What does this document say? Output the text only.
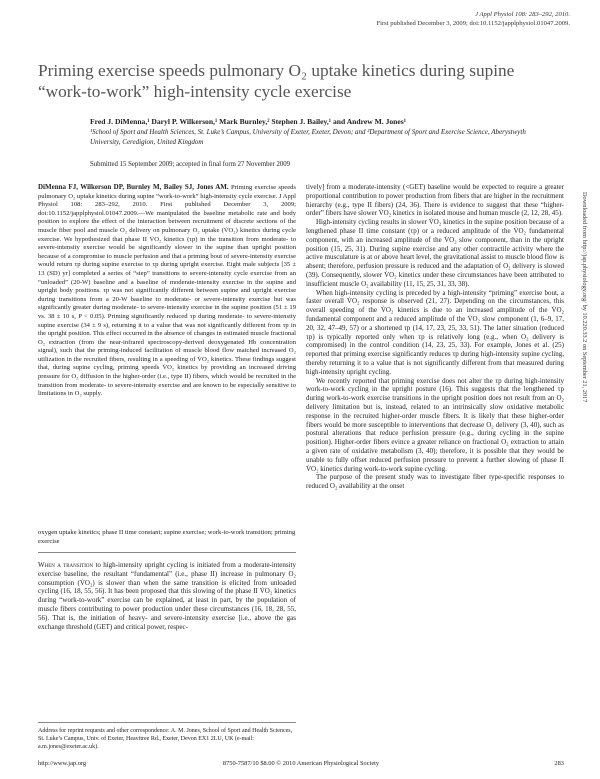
J Appl Physiol 108: 283–292, 2010.
First published December 3, 2009; doi:10.1152/japplphysiol.01047.2009.
Priming exercise speeds pulmonary O₂ uptake kinetics during supine “work-to-work” high-intensity cycle exercise
Fred J. DiMenna,¹ Daryl P. Wilkerson,¹ Mark Burnley,² Stephen J. Bailey,¹ and Andrew M. Jones¹
¹School of Sport and Health Sciences, St. Luke’s Campus, University of Exeter, Exeter, Devon; and ²Department of Sport and Exercise Science, Aberystwyth University, Ceredigion, United Kingdom
Submitted 15 September 2009; accepted in final form 27 November 2009

DiMenna FJ, Wilkerson DP, Burnley M, Bailey SJ, Jones AM. Priming exercise speeds pulmonary O₂ uptake kinetics during supine “work-to-work” high-intensity cycle exercise. J Appl Physiol 108: 283–292, 2010. First published December 3, 2009; doi:10.1152/japplphysiol.01047.2009.—We manipulated the baseline metabolic rate and body position to explore the effect of the interaction between recruitment of discrete sections of the muscle fiber pool and muscle O₂ delivery on pulmonary O₂ uptake (V̇O₂) kinetics during cycle exercise. We hypothesized that phase II V̇O₂ kinetics (τp) in the transition from moderate- to severe-intensity exercise would be significantly slower in the supine than upright position because of a compromise to muscle perfusion and that a priming bout of severe-intensity exercise would return τp during supine exercise to τp during upright exercise. Eight male subjects [35 ± 13 (SD) yr] completed a series of “step” transitions to severe-intensity cycle exercise from an “unloaded” (20-W) baseline and a baseline of moderate-intensity exercise in the supine and upright body positions. τp was not significantly different between supine and upright exercise during transitions from a 20-W baseline to moderate- or severe-intensity exercise but was significantly greater during moderate- to severe-intensity exercise in the supine position (51 ± 19 vs. 38 ± 10 s, P < 0.05). Priming significantly reduced τp during moderate- to severe-intensity supine exercise (34 ± 9 s), returning it to a value that was not significantly different from τp in the upright position. This effect occurred in the absence of changes in estimated muscle fractional O₂ extraction (from the near-infrared spectroscopy-derived deoxygenated Hb concentration signal), such that the priming-induced facilitation of muscle blood flow matched increased O₂ utilization in the recruited fibers, resulting in a speeding of V̇O₂ kinetics. These findings suggest that, during supine cycling, priming speeds V̇O₂ kinetics by providing an increased driving pressure for O₂ diffusion in the higher-order (i.e., type II) fibers, which would be recruited in the transition from moderate- to severe-intensity exercise and are known to be especially sensitive to limitations in O₂ supply.

oxygen uptake kinetics; phase II time constant; supine exercise; work-to-work transition; priming exercise
When a transition to high-intensity upright cycling is initiated from a moderate-intensity exercise baseline, the resultant “fundamental” (i.e., phase II) increase in pulmonary O₂ consumption (V̇O₂) is slower than when the same transition is elicited from unloaded cycling (16, 18, 55, 56). It has been proposed that this slowing of the phase II V̇O₂ kinetics during “work-to-work” exercise can be explained, at least in part, by the population of muscle fibers contributing to power production under these circumstances (16, 18, 28, 55, 56). That is, the initiation of heavy- and severe-intensity exercise [i.e., above the gas exchange threshold (GET) and critical power, respec-
Address for reprint requests and other correspondence: A. M. Jones, School of Sport and Health Sciences, St. Luke’s Campus, Univ. of Exeter, Heavitree Rd., Exeter, Devon EX1 2LU, UK (e-mail: a.m.jones@exeter.ac.uk).

tively] from a moderate-intensity (<GET) baseline would be expected to require a greater proportional contribution to power production from fibers that are higher in the recruitment hierarchy (e.g., type II fibers) (24, 36). There is evidence to suggest that these “higher-order” fibers have slower V̇O₂ kinetics in isolated mouse and human muscle (2, 12, 28, 45).

High-intensity cycling results in slower V̇O₂ kinetics in the supine position because of a lengthened phase II time constant (τp) or a reduced amplitude of the V̇O₂ fundamental component, with an increased amplitude of the V̇O₂ slow component, than in the upright position (15, 25, 31). During supine exercise and any other contractile activity where the active musculature is at or above heart level, the gravitational assist to muscle blood flow is absent; therefore, perfusion pressure is reduced and the adaptation of O₂ delivery is slowed (39). Consequently, slower V̇O₂ kinetics under these circumstances have been attributed to insufficient muscle O₂ availability (11, 15, 25, 31, 33, 38).

When high-intensity cycling is preceded by a high-intensity “priming” exercise bout, a faster overall V̇O₂ response is observed (21, 27). Depending on the circumstances, this overall speeding of the V̇O₂ kinetics is due to an increased amplitude of the V̇O₂ fundamental component and a reduced amplitude of the V̇O₂ slow component (1, 6–9, 17, 20, 32, 47–49, 57) or a shortened τp (14, 17, 23, 25, 33, 51). The latter situation (reduced τp) is typically reported only when τp is relatively long (e.g., when O₂ delivery is compromised) in the control condition (14, 23, 25, 33). For example, Jones et al. (25) reported that priming exercise significantly reduces τp during high-intensity supine cycling, thereby returning it to a value that is not significantly different from that measured during high-intensity upright cycling.

We recently reported that priming exercise does not alter the τp during high-intensity work-to-work cycling in the upright posture (16). This suggests that the lengthened τp during work-to-work exercise transitions in the upright position does not result from an O₂ delivery limitation but is, instead, related to an intrinsically slow oxidative metabolic response in the recruited higher-order muscle fibers. It is likely that these higher-order fibers would be more susceptible to interventions that decrease O₂ delivery (3, 40), such as postural alterations that reduce perfusion pressure (e.g., during cycling in the supine position). Higher-order fibers evince a greater reliance on fractional O₂ extraction to attain a given rate of oxidative metabolism (3, 40); therefore, it is possible that they would be unable to fully offset reduced perfusion pressure to prevent a further slowing of phase II V̇O₂ kinetics during work-to-work supine cycling.

The purpose of the present study was to investigate fiber type-specific responses to reduced O₂ availability at the onset

8750-7587/10 $8.00 © 2010 American Physiological Society
http://www.jap.org	283
Downloaded from http://jap.physiology.org/ by 10.220.33.2 on September 21, 2017
